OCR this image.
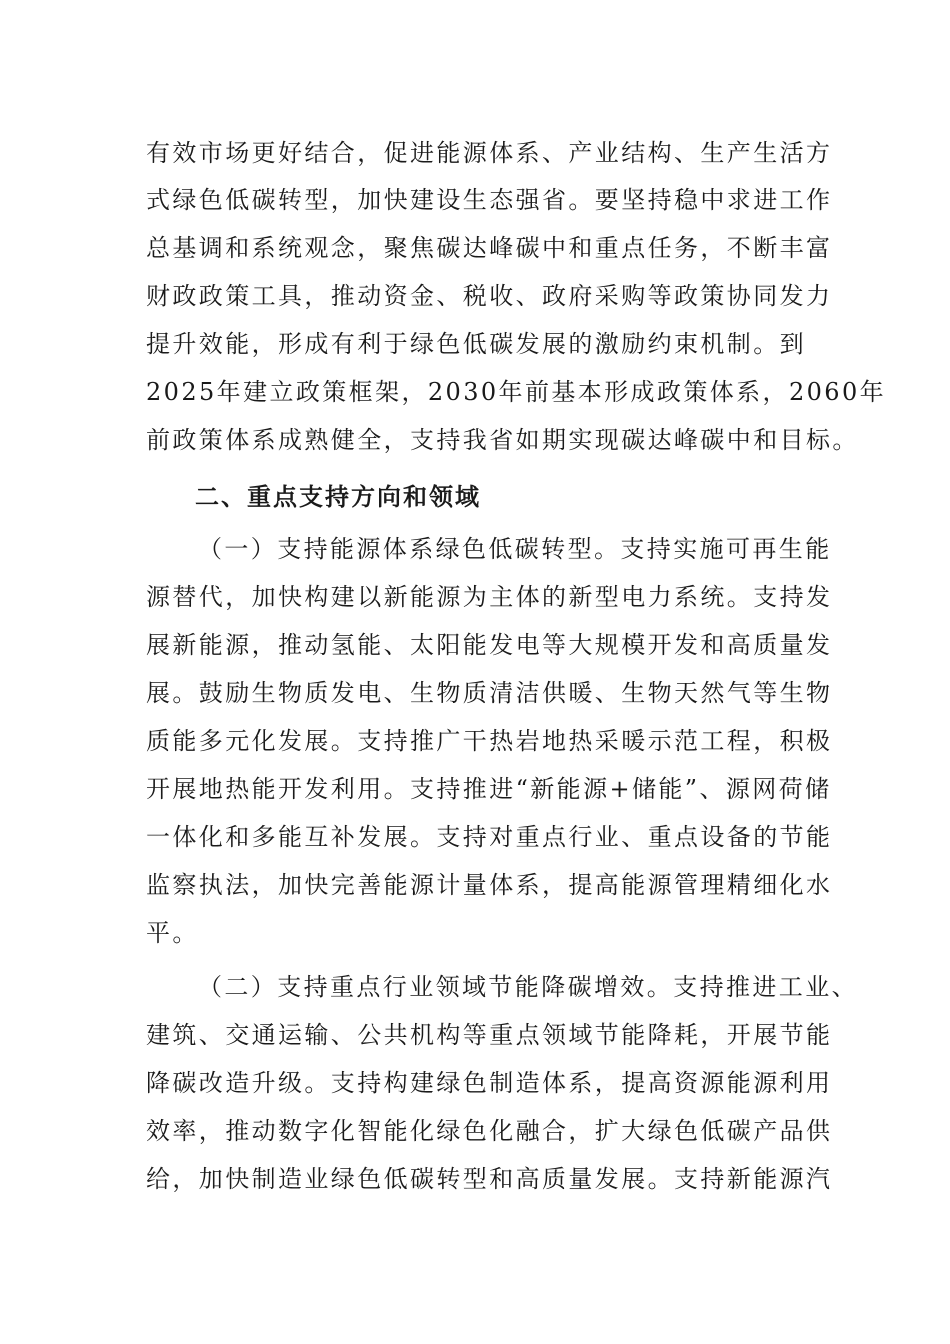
有效市场更好结合，促进能源体系、产业结构、生产生活方
式绿色低碳转型，加快建设生态强省。要坚持稳中求进工作
总基调和系统观念，聚焦碳达峰碳中和重点任务，不断丰富
财政政策工具，推动资金、税收、政府采购等政策协同发力
提升效能，形成有利于绿色低碳发展的激励约束机制。到
2025年建立政策框架，2030年前基本形成政策体系，2060年
前政策体系成熟健全，支持我省如期实现碳达峰碳中和目标。
二、重点支持方向和领域
（一）支持能源体系绿色低碳转型。支持实施可再生能
源替代，加快构建以新能源为主体的新型电力系统。支持发
展新能源，推动氢能、太阳能发电等大规模开发和高质量发
展。鼓励生物质发电、生物质清洁供暖、生物天然气等生物
质能多元化发展。支持推广干热岩地热采暖示范工程，积极
开展地热能开发利用。支持推进“新能源+储能”、源网荷储
一体化和多能互补发展。支持对重点行业、重点设备的节能
监察执法，加快完善能源计量体系，提高能源管理精细化水
平。
（二）支持重点行业领域节能降碳增效。支持推进工业、
建筑、交通运输、公共机构等重点领域节能降耗，开展节能
降碳改造升级。支持构建绿色制造体系，提高资源能源利用
效率，推动数字化智能化绿色化融合，扩大绿色低碳产品供
给，加快制造业绿色低碳转型和高质量发展。支持新能源汽
